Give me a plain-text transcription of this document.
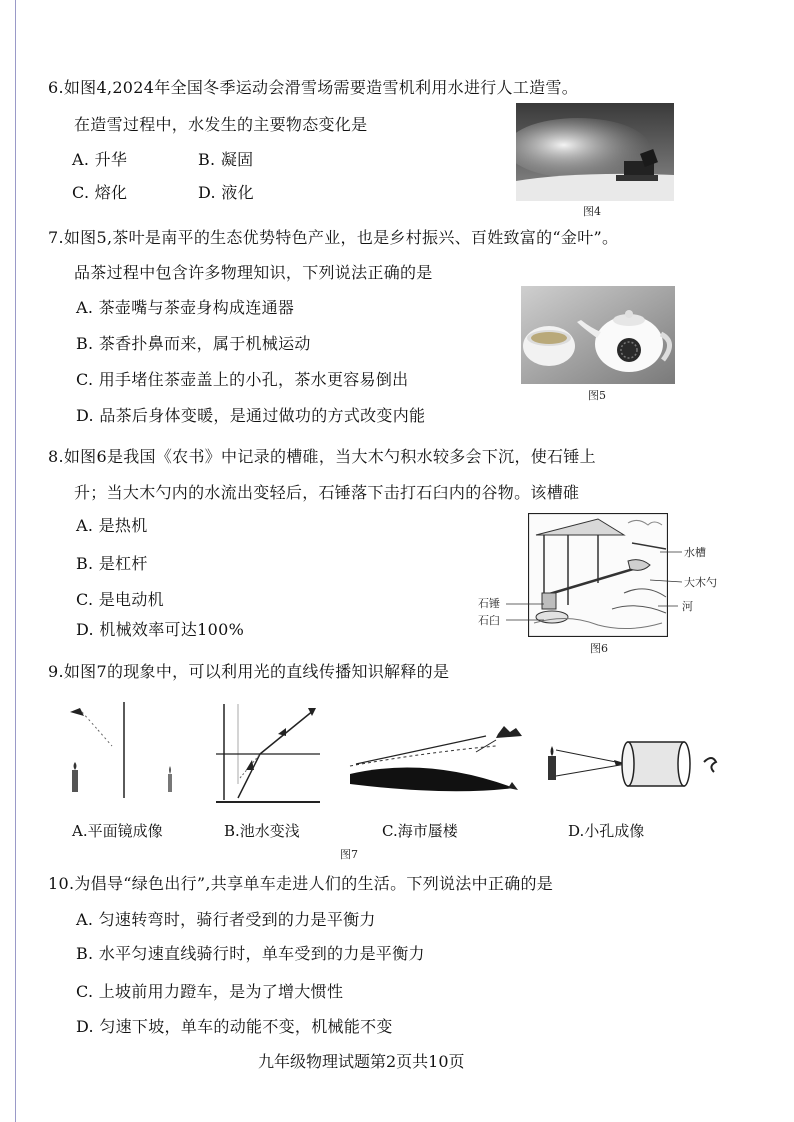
6.如图4,2024年全国冬季运动会滑雪场需要造雪机利用水进行人工造雪。
在造雪过程中，水发生的主要物态变化是
A. 升华	B. 凝固
C. 熔化	D. 液化
图4
7.如图5,茶叶是南平的生态优势特色产业，也是乡村振兴、百姓致富的“金叶”。
品茶过程中包含许多物理知识，下列说法正确的是
A. 茶壶嘴与茶壶身构成连通器
B. 茶香扑鼻而来，属于机械运动
C. 用手堵住茶壶盖上的小孔，茶水更容易倒出
D. 品茶后身体变暖，是通过做功的方式改变内能
图5
8.如图6是我国《农书》中记录的槽碓，当大木勺积水较多会下沉，使石锤上
升；当大木勺内的水流出变轻后，石锤落下击打石臼内的谷物。该槽碓
A. 是热机
B. 是杠杆
C. 是电动机
D. 机械效率可达100%
水槽
大木勺
河
石锤
石臼
图6
9.如图7的现象中，可以利用光的直线传播知识解释的是
A.平面镜成像	B.池水变浅	C.海市蜃楼	D.小孔成像
图7
10.为倡导“绿色出行”,共享单车走进人们的生活。下列说法中正确的是
A. 匀速转弯时，骑行者受到的力是平衡力
B. 水平匀速直线骑行时，单车受到的力是平衡力
C. 上坡前用力蹬车，是为了增大惯性
D. 匀速下坡，单车的动能不变，机械能不变
九年级物理试题第2页共10页
